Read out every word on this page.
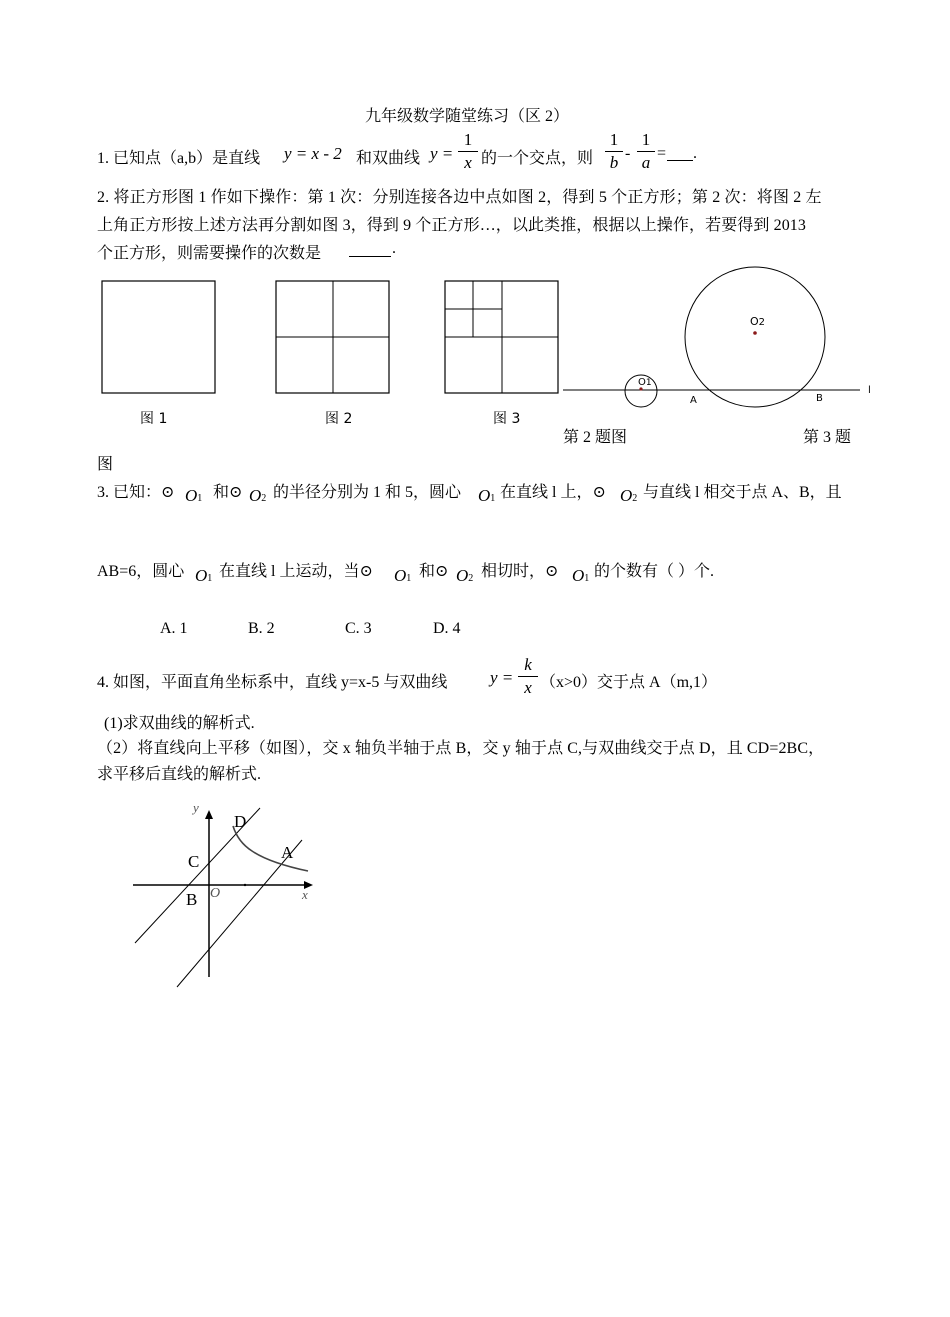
九年级数学随堂练习（区 2）
1. 已知点（a,b）是直线 y = x - 2 和双曲线 y =
1
x 的一个交点，则
1
b -
1
a = .
2. 将正方形图 1 作如下操作：第 1 次：分别连接各边中点如图 2，得到 5 个正方形；第 2 次：将图 2 左
上角正方形按上述方法再分割如图 3，得到 9 个正方形…，以此类推，根据以上操作，若要得到 2013
个正方形，则需要操作的次数是	.
图 1	图 2	图 3
O2
O1
A	B
l
第 2 题图	第 3 题
图
3. 已知：⊙ O1 和⊙ O2 的半径分别为 1 和 5，圆心 O1 在直线 l 上，⊙ O2 与直线 l 相交于点 A、B，且
AB=6，圆心 O1 在直线 l 上运动，当⊙ O1 和⊙ O2 相切时，⊙ O1 的个数有（ ）个.
A. 1	B. 2	C. 3	D. 4
4. 如图，平面直角坐标系中，直线 y=x-5 与双曲线	y =
k
x （x>0）交于点 A（m,1）
(1)求双曲线的解析式.
（2）将直线向上平移（如图），交 x 轴负半轴于点 B，交 y 轴于点 C,与双曲线交于点 D，且 CD=2BC，
求平移后直线的解析式.
y
x
O
D
A
C
B
